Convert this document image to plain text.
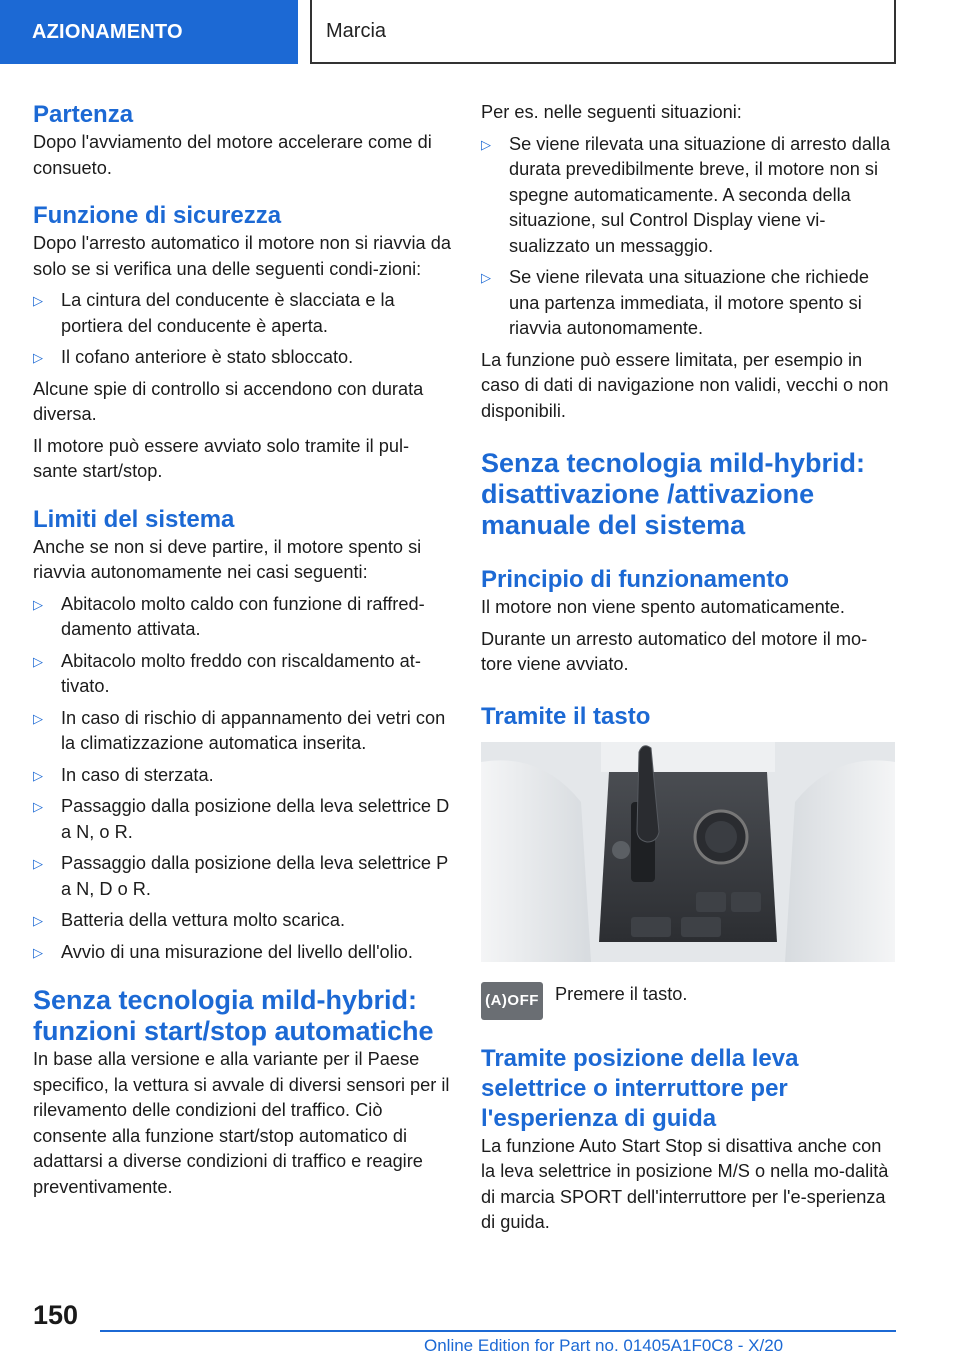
AZIONAMENTO	Marcia
Partenza

Dopo l'avviamento del motore accelerare come di consueto.

Funzione di sicurezza

Dopo l'arresto automatico il motore non si riavvia da solo se si verifica una delle seguenti condi‐zioni:

▷ La cintura del conducente è slacciata e la portiera del conducente è aperta.
▷ Il cofano anteriore è stato sbloccato.

Alcune spie di controllo si accendono con durata diversa.

Il motore può essere avviato solo tramite il pul‐sante start/stop.

Limiti del sistema

Anche se non si deve partire, il motore spento si riavvia autonomamente nei casi seguenti:

▷ Abitacolo molto caldo con funzione di raffred‐damento attivata.
▷ Abitacolo molto freddo con riscaldamento at‐tivato.
▷ In caso di rischio di appannamento dei vetri con la climatizzazione automatica inserita.
▷ In caso di sterzata.
▷ Passaggio dalla posizione della leva selettrice D a N, o R.
▷ Passaggio dalla posizione della leva selettrice P a N, D o R.
▷ Batteria della vettura molto scarica.
▷ Avvio di una misurazione del livello dell'olio.
Senza tecnologia mild-hybrid: funzioni start/stop automatiche

In base alla versione e alla variante per il Paese specifico, la vettura si avvale di diversi sensori per il rilevamento delle condizioni del traffico. Ciò consente alla funzione start/stop automatico di adattarsi a diverse condizioni di traffico e reagire preventivamente.

Per es. nelle seguenti situazioni:

▷ Se viene rilevata una situazione di arresto dalla durata prevedibilmente breve, il motore non si spegne automaticamente. A seconda della situazione, sul Control Display viene vi‐sualizzato un messaggio.
▷ Se viene rilevata una situazione che richiede una partenza immediata, il motore spento si riavvia autonomamente.

La funzione può essere limitata, per esempio in caso di dati di navigazione non validi, vecchi o non disponibili.

Senza tecnologia mild-hybrid: disattivazione /attivazione manuale del sistema
Principio di funzionamento

Il motore non viene spento automaticamente.

Durante un arresto automatico del motore il mo‐tore viene avviato.

Tramite il tasto
(A) OFF Premere il tasto.

Tramite posizione della leva selettrice o interruttore per l'esperienza di guida

La funzione Auto Start Stop si disattiva anche con la leva selettrice in posizione M/S o nella mo‐dalità di marcia SPORT dell'interruttore per l'e‐sperienza di guida.

150
Online Edition for Part no. 01405A1F0C8 - X/20
